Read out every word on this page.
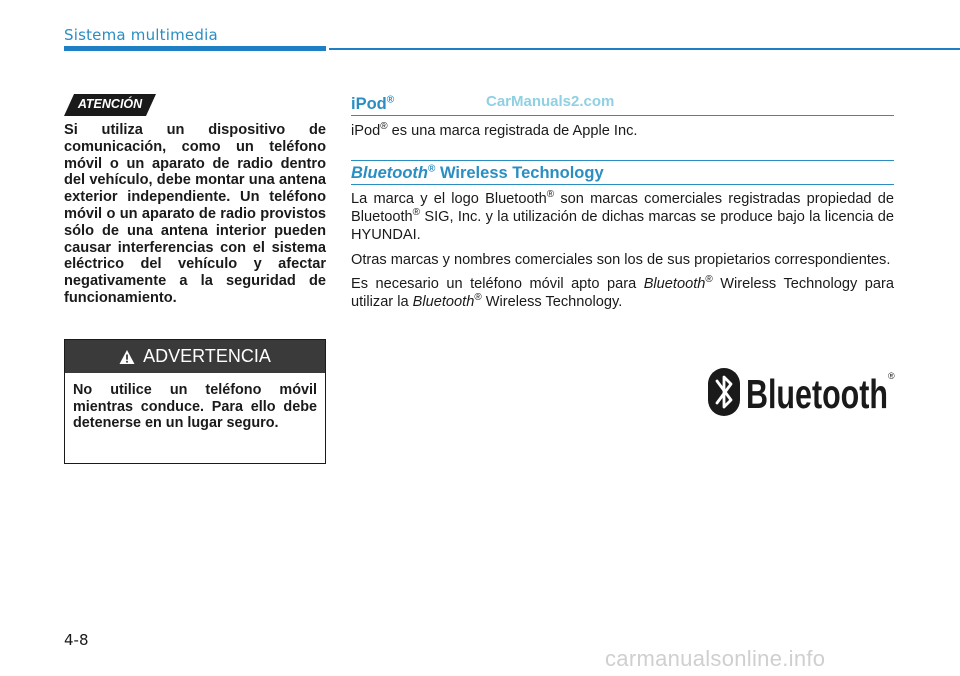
Sistema multimedia
ATENCIÓN
Si utiliza un dispositivo de comunicación, como un teléfono móvil o un aparato de radio dentro del vehículo, debe montar una antena exterior independiente. Un teléfono móvil o un aparato de radio provistos sólo de una antena interior pueden causar interferencias con el sistema eléctrico del vehículo y afectar negativamente a la seguridad de funcionamiento.
ADVERTENCIA
No utilice un teléfono móvil mientras conduce. Para ello debe detenerse en un lugar seguro.
iPod®	CarManuals2.com

iPod® es una marca registrada de Apple Inc.

Bluetooth® Wireless Technology

La marca y el logo Bluetooth® son marcas comerciales registradas propiedad de Bluetooth® SIG, Inc. y la utilización de dichas marcas se produce bajo la licencia de HYUNDAI.

Otras marcas y nombres comerciales son los de sus propietarios correspondientes.

Es necesario un teléfono móvil apto para Bluetooth® Wireless Technology para utilizar la Bluetooth® Wireless Technology.

Bluetooth ®
4-8
carmanualsonline.info
